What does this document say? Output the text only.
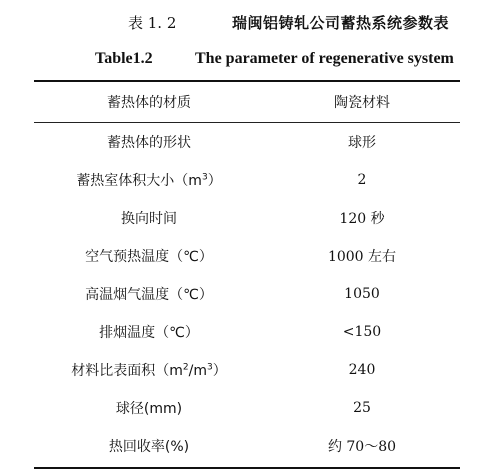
表 1. 2	瑞闽铝铸轧公司蓄热系统参数表
Table1.2	The parameter of regenerative system
蓄热体的材质	陶瓷材料
蓄热体的形状	球形
蓄热室体积大小$(m^3)$	2
换向时间	120 秒
空气预热温度（℃）	1000 左右
高温烟气温度（℃）	1050
排烟温度（℃）	<150
材料比表面积$(m^2/m^3)$	240
球径(mm)	25
热回收率(%)	约 70～80
